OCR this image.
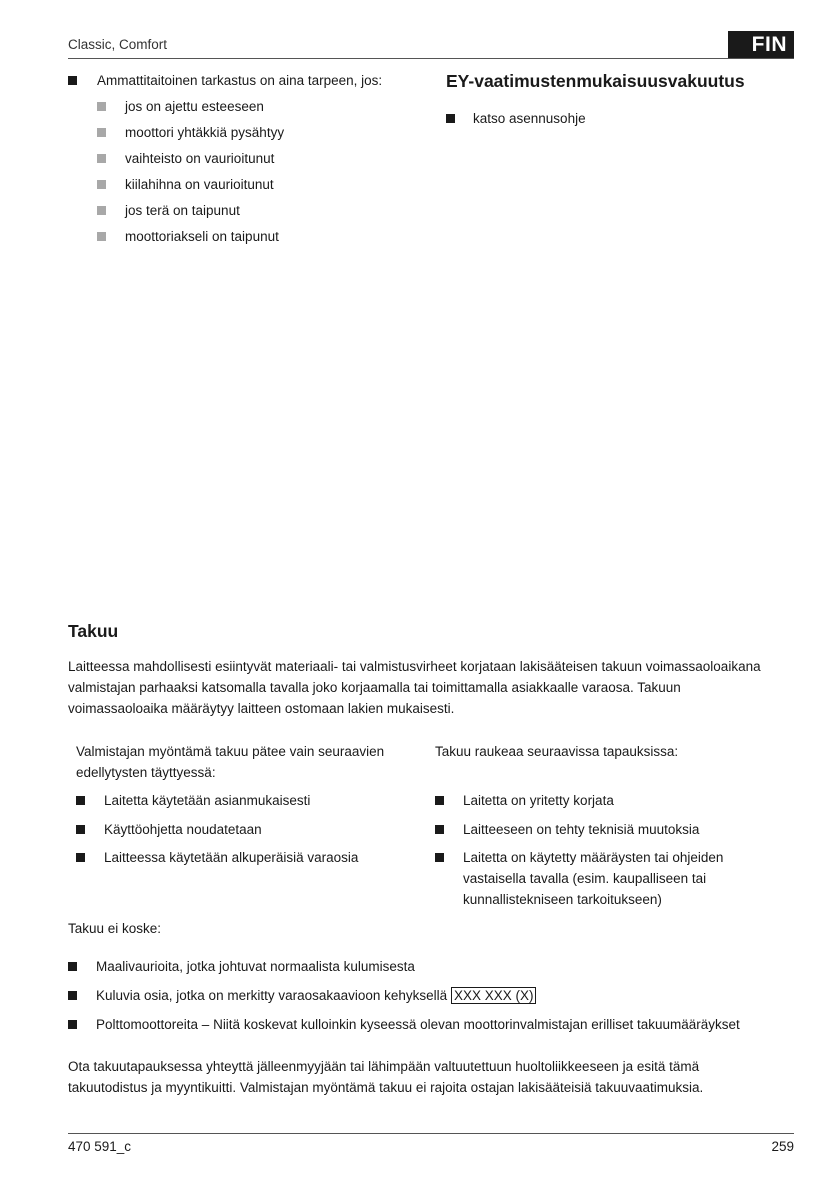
Classic, Comfort	FIN
Ammattitaitoinen tarkastus on aina tarpeen, jos:
jos on ajettu esteeseen
moottori yhtäkkiä pysähtyy
vaihteisto on vaurioitunut
kiilahihna on vaurioitunut
jos terä on taipunut
moottoriakseli on taipunut
EY-vaatimustenmukaisuusvakuutus
katso asennusohje
Takuu
Laitteessa mahdollisesti esiintyvät materiaali- tai valmistusvirheet korjataan lakisääteisen takuun voimassaoloaikana
valmistajan parhaaksi katsomalla tavalla joko korjaamalla tai toimittamalla asiakkaalle varaosa. Takuun
voimassaoloaika määräytyy laitteen ostomaan lakien mukaisesti.
Valmistajan myöntämä takuu pätee vain seuraavien
edellytysten täyttyessä:
Laitetta käytetään asianmukaisesti
Käyttöohjetta noudatetaan
Laitteessa käytetään alkuperäisiä varaosia
Takuu raukeaa seuraavissa tapauksissa:
Laitetta on yritetty korjata
Laitteeseen on tehty teknisiä muutoksia
Laitetta on käytetty määräysten tai ohjeiden
vastaisella tavalla (esim. kaupalliseen tai
kunnallistekniseen tarkoitukseen)
Takuu ei koske:
Maalivaurioita, jotka johtuvat normaalista kulumisesta
Kuluvia osia, jotka on merkitty varaosakaavioon kehyksellä XXX XXX (X)
Polttomoottoreita – Niitä koskevat kulloinkin kyseessä olevan moottorinvalmistajan erilliset takuumääräykset
Ota takuutapauksessa yhteyttä jälleenmyyjään tai lähimpään valtuutettuun huoltoliikkeeseen ja esitä tämä
takuutodistus ja myyntikuitti. Valmistajan myöntämä takuu ei rajoita ostajan lakisääteisiä takuuvaatimuksia.
470 591_c	259
